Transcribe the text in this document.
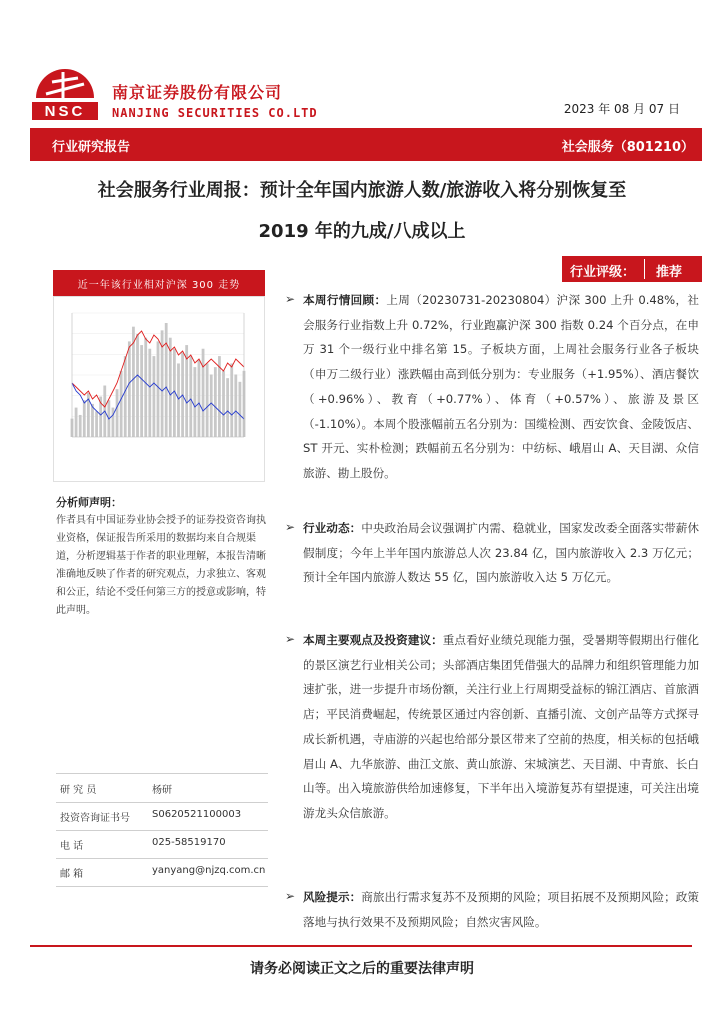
NSC
南京证券股份有限公司
NANJING SECURITIES CO.LTD	2023 年 08 月 07 日
行业研究报告	社会服务（801210）
社会服务行业周报：预计全年国内旅游人数/旅游收入将分别恢复至
2019 年的九成/八成以上
行业评级： 推荐
近一年该行业相对沪深 300 走势
分析师声明：
作者具有中国证券业协会授予的证券投资咨询执业资格，保证报告所采用的数据均来自合规渠道，分析逻辑基于作者的职业理解，本报告清晰准确地反映了作者的研究观点，力求独立、客观和公正，结论不受任何第三方的授意或影响，特此声明。
研 究 员	杨研
投资咨询证书号 S0620521100003
电 话	025-58519170
邮 箱	yanyang@njzq.com.cn
➢ 本周行情回顾：上周（20230731-20230804）沪深 300 上升 0.48%，社会服务行业指数上升 0.72%，行业跑赢沪深 300 指数 0.24 个百分点，在申万 31 个一级行业中排名第 15。子板块方面，上周社会服务行业各子板块（申万二级行业）涨跌幅由高到低分别为：专业服务（+1.95%）、酒店餐饮（+0.96%）、教育（+0.77%）、体育（+0.57%）、旅游及景区（-1.10%）。本周个股涨幅前五名分别为：国缆检测、西安饮食、金陵饭店、ST 开元、实朴检测；跌幅前五名分别为：中纺标、峨眉山 A、天目湖、众信旅游、勘上股份。
➢ 行业动态：中央政治局会议强调扩内需、稳就业，国家发改委全面落实带薪休假制度；今年上半年国内旅游总人次 23.84 亿，国内旅游收入 2.3 万亿元；预计全年国内旅游人数达 55 亿，国内旅游收入达 5 万亿元。
➢ 本周主要观点及投资建议：重点看好业绩兑现能力强，受暑期等假期出行催化的景区演艺行业相关公司；头部酒店集团凭借强大的品牌力和组织管理能力加速扩张，进一步提升市场份额，关注行业上行周期受益标的锦江酒店、首旅酒店；平民消费崛起，传统景区通过内容创新、直播引流、文创产品等方式探寻成长新机遇，寺庙游的兴起也给部分景区带来了空前的热度，相关标的包括峨眉山 A、九华旅游、曲江文旅、黄山旅游、宋城演艺、天目湖、中青旅、长白山等。出入境旅游供给加速修复，下半年出入境游复苏有望提速，可关注出境游龙头众信旅游。
➢ 风险提示：商旅出行需求复苏不及预期的风险；项目拓展不及预期风险；政策落地与执行效果不及预期风险；自然灾害风险。
请务必阅读正文之后的重要法律声明
